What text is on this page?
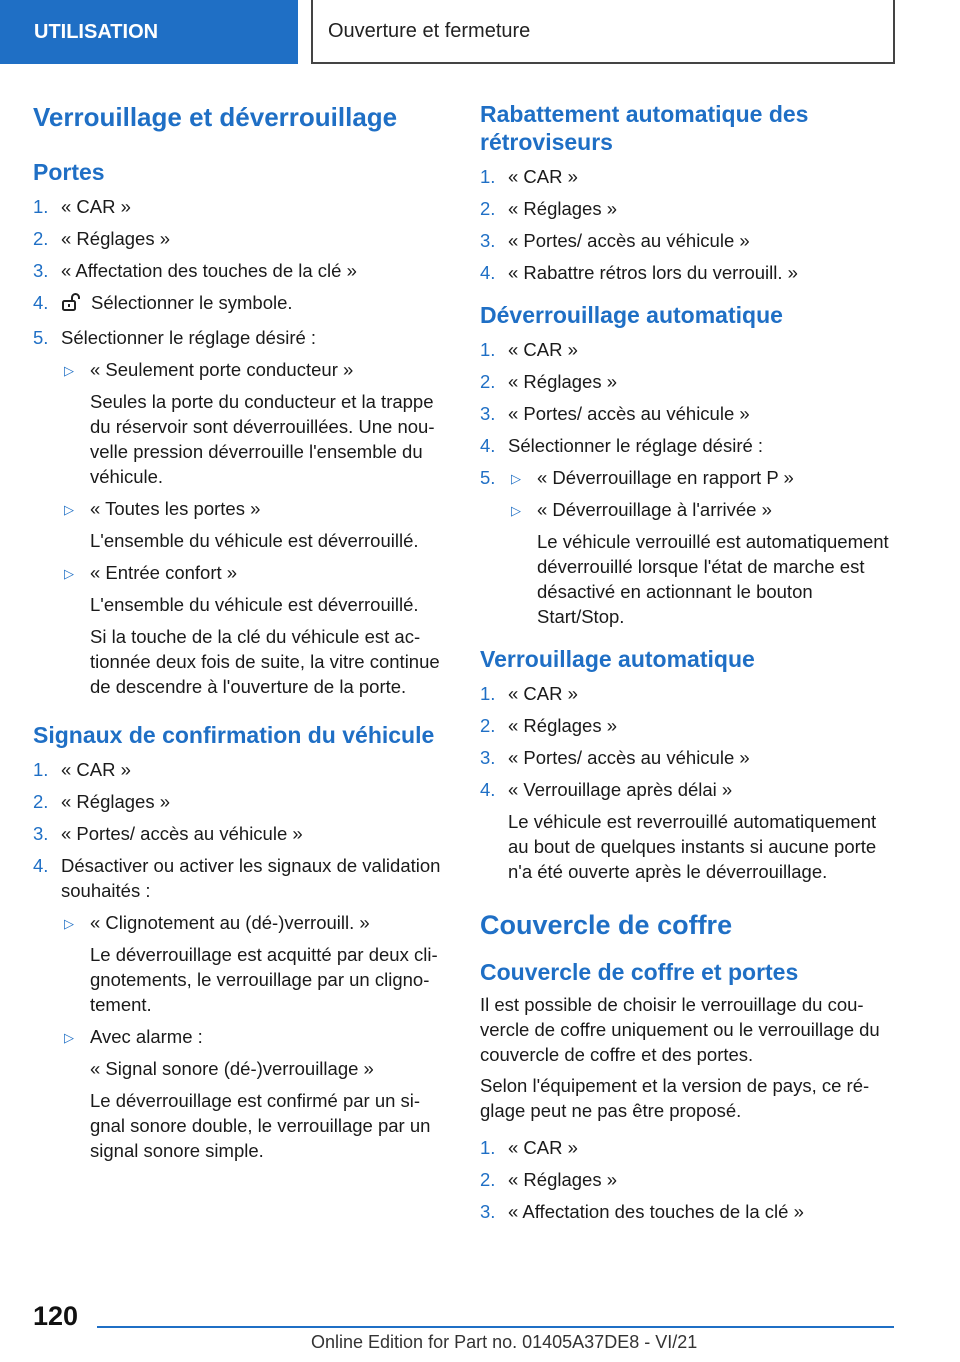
UTILISATION	Ouverture et fermeture
Verrouillage et déverrouillage
Portes
1. « CAR »
2. « Réglages »
3. « Affectation des touches de la clé »
4. Sélectionner le symbole.
5. Sélectionner le réglage désiré :
▷ « Seulement porte conducteur »

Seules la porte du conducteur et la trappe du réservoir sont déverrouillées. Une nouvelle pression déverrouille l'ensemble du véhicule.

▷ « Toutes les portes »

L'ensemble du véhicule est déverrouillé.

▷ « Entrée confort »

L'ensemble du véhicule est déverrouillé.

Si la touche de la clé du véhicule est actionnée deux fois de suite, la vitre continue de descendre à l'ouverture de la porte.

Signaux de confirmation du véhicule
1. « CAR »
2. « Réglages »
3. « Portes/ accès au véhicule »
4. Désactiver ou activer les signaux de validation souhaités :
▷ « Clignotement au (dé-)verrouill. »

Le déverrouillage est acquitté par deux clignotements, le verrouillage par un clignotement.

▷ Avec alarme :

« Signal sonore (dé-)verrouillage »

Le déverrouillage est confirmé par un signal sonore double, le verrouillage par un signal sonore simple.

Rabattement automatique des rétroviseurs
1. « CAR »
2. « Réglages »
3. « Portes/ accès au véhicule »
4. « Rabattre rétros lors du verrouill. »
Déverrouillage automatique
1. « CAR »
2. « Réglages »
3. « Portes/ accès au véhicule »
4. Sélectionner le réglage désiré :
5. ▷ « Déverrouillage en rapport P »
▷ « Déverrouillage à l'arrivée »

Le véhicule verrouillé est automatiquement déverrouillé lorsque l'état de marche est désactivé en actionnant le bouton Start/Stop.

Verrouillage automatique
1. « CAR »
2. « Réglages »
3. « Portes/ accès au véhicule »
4. « Verrouillage après délai »

Le véhicule est reverrouillé automatiquement au bout de quelques instants si aucune porte n'a été ouverte après le déverrouillage.

Couvercle de coffre
Couvercle de coffre et portes

Il est possible de choisir le verrouillage du couvercle de coffre uniquement ou le verrouillage du couvercle de coffre et des portes.

Selon l'équipement et la version de pays, ce réglage peut ne pas être proposé.

1. « CAR »
2. « Réglages »
3. « Affectation des touches de la clé »
120
Online Edition for Part no. 01405A37DE8 - VI/21
